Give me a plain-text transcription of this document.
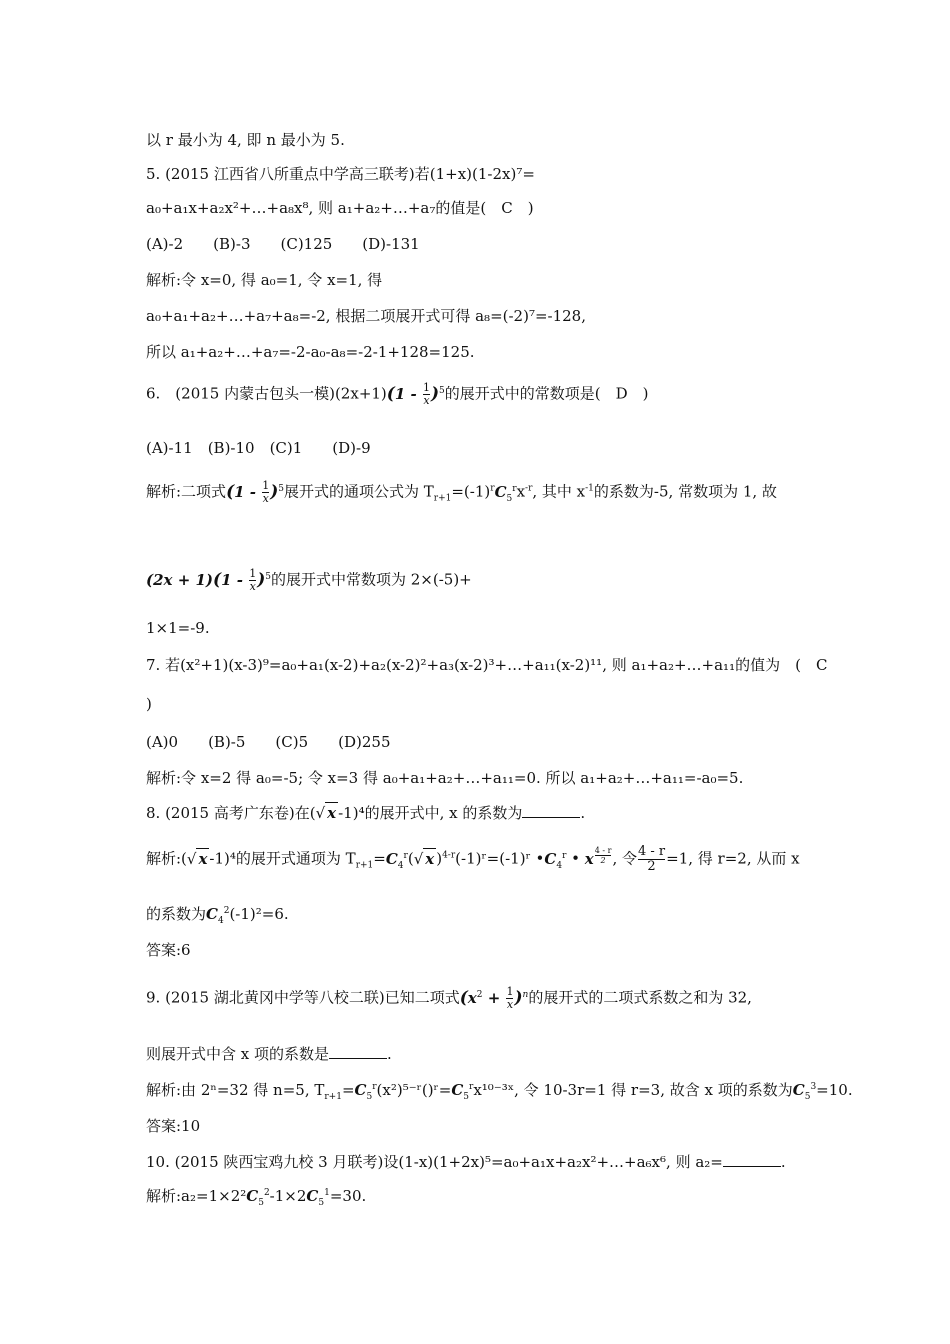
以 r 最小为 4, 即 n 最小为 5.
5. (2015 江西省八所重点中学高三联考)若(1+x)(1-2x)⁷=
a₀+a₁x+a₂x²+…+a₈x⁸, 则 a₁+a₂+…+a₇的值是(　C　)
(A)-2　　(B)-3　　(C)125　　(D)-131
解析:令 x=0, 得 a₀=1, 令 x=1, 得
a₀+a₁+a₂+…+a₇+a₈=-2, 根据二项展开式可得 a₈=(-2)⁷=-128,
所以 a₁+a₂+…+a₇=-2-a₀-a₈=-2-1+128=125.
6.　(2015 内蒙古包头一模)$(2x+1)(1 - \frac{1}{x} )^5$的展开式中的常数项是(　D　)
(A)-11　(B)-10　(C)1　　(D)-9
解析:二项式$(1 - \frac{1}{x} )^5$展开式的通项公式为 $T_{r+1}=(-1)^rC_5^rx^{-r}$, 其中 $x^{-1}$的系数为-5, 常数项为 1, 故
$(2x + 1)(1 - \frac{1}{x} )^5$的展开式中常数项为 2×(-5)+
1×1=-9.
7. 若(x²+1)(x-3)⁹=a₀+a₁(x-2)+a₂(x-2)²+a₃(x-2)³+…+a₁₁(x-2)¹¹, 则 a₁+a₂+…+a₁₁的值为　(　C
)
(A)0　　(B)-5　　(C)5　　(D)255
解析:令 x=2 得 a₀=-5; 令 x=3 得 a₀+a₁+a₂+…+a₁₁=0. 所以 a₁+a₂+…+a₁₁=-a₀=5.
8. (2015 高考广东卷)在(√ x -1)⁴的展开式中, x 的系数为	.
解析:(√ x -1)⁴的展开式通项为 $T_{r+1}=C_4^r(√$ x )$^{4-r}$(-1)ʳ=(-1)ʳ $•C_4^r$ • x $^{\frac{4 - r}{2}}$ , 令 $\frac{4 - r}{2} =1$, 得 r=2, 从而 x
的系数为$C_4^2(-1)^2=6$.
答案:6
9. (2015 湖北黄冈中学等八校二联)已知二项式$(x^2 + \frac{1}{x} )^n$的展开式的二项式系数之和为 32,
则展开式中含 x 项的系数是	.
解析:由 2ⁿ=32 得 n=5, $T_{r+1}=C_5^r(x^2)^{5-}ʳ()ʳ=C_5^rx^{10-3}ˣ$, 令 10-3r=1 得 r=3, 故含 x 项的系数为$C_5^3=10$.
答案:10
10. (2015 陕西宝鸡九校 3 月联考)设(1-x)(1+2x)⁵=a₀+a₁x+a₂x²+…+a₆x⁶, 则 a₂=	.
解析$:a_2=1\times 2^2C_5^2-1\times 2C_5^1=30$.
